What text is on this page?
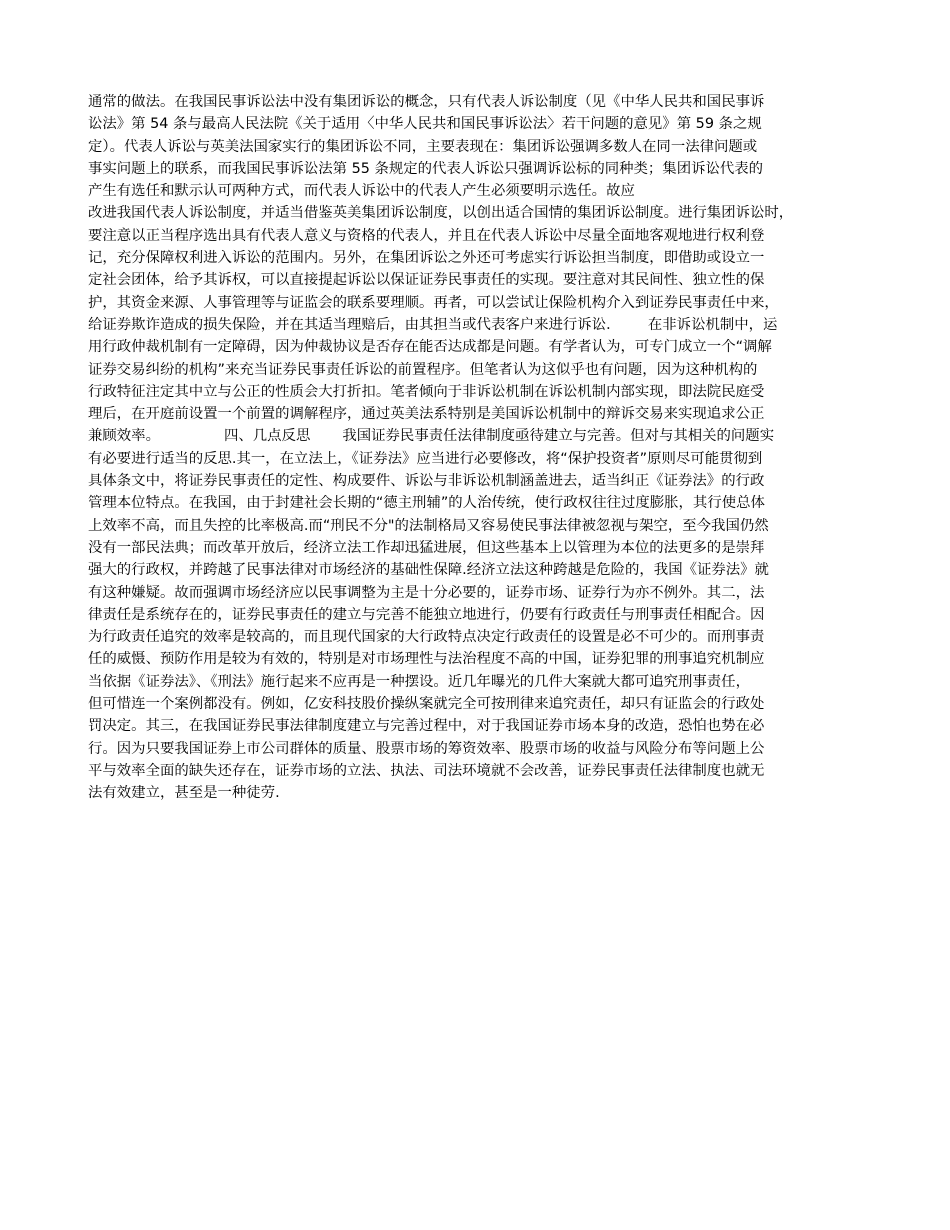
通常的做法。在我国民事诉讼法中没有集团诉讼的概念，只有代表人诉讼制度（见《中华人民共和国民事诉
讼法》第 54 条与最高人民法院《关于适用〈中华人民共和国民事诉讼法〉若干问题的意见》第 59 条之规
定）。代表人诉讼与英美法国家实行的集团诉讼不同，主要表现在：集团诉讼强调多数人在同一法律问题或
事实问题上的联系，而我国民事诉讼法第 55 条规定的代表人诉讼只强调诉讼标的同种类；集团诉讼代表的
产生有选任和默示认可两种方式，而代表人诉讼中的代表人产生必须要明示选任。故应
改进我国代表人诉讼制度，并适当借鉴英美集团诉讼制度，以创出适合国情的集团诉讼制度。进行集团诉讼时，
要注意以正当程序选出具有代表人意义与资格的代表人，并且在代表人诉讼中尽量全面地客观地进行权利登
记，充分保障权利进入诉讼的范围内。另外，在集团诉讼之外还可考虑实行诉讼担当制度，即借助或设立一
定社会团体，给予其诉权，可以直接提起诉讼以保证证券民事责任的实现。要注意对其民间性、独立性的保
护，其资金来源、人事管理等与证监会的联系要理顺。再者，可以尝试让保险机构介入到证券民事责任中来，
给证券欺诈造成的损失保险，并在其适当理赔后，由其担当或代表客户来进行诉讼．      在非诉讼机制中，运
用行政仲裁机制有一定障碍，因为仲裁协议是否存在能否达成都是问题。有学者认为，可专门成立一个“调解
证券交易纠纷的机构”来充当证券民事责任诉讼的前置程序。但笔者认为这似乎也有问题，因为这种机构的
行政特征注定其中立与公正的性质会大打折扣。笔者倾向于非诉讼机制在诉讼机制内部实现，即法院民庭受
理后，在开庭前设置一个前置的调解程序，通过英美法系特别是美国诉讼机制中的辩诉交易来实现追求公正
兼顾效率。              四、几点反思       我国证券民事责任法律制度亟待建立与完善。但对与其相关的问题实
有必要进行适当的反思.其一，在立法上，《证券法》应当进行必要修改，将“保护投资者”原则尽可能贯彻到
具体条文中，将证券民事责任的定性、构成要件、诉讼与非诉讼机制涵盖进去，适当纠正《证券法》的行政
管理本位特点。在我国，由于封建社会长期的“德主刑辅”的人治传统，使行政权往往过度膨胀，其行使总体
上效率不高，而且失控的比率极高.而“刑民不分"的法制格局又容易使民事法律被忽视与架空，至今我国仍然
没有一部民法典；而改革开放后，经济立法工作却迅猛进展，但这些基本上以管理为本位的法更多的是崇拜
强大的行政权，并跨越了民事法律对市场经济的基础性保障.经济立法这种跨越是危险的，我国《证券法》就
有这种嫌疑。故而强调市场经济应以民事调整为主是十分必要的，证券市场、证券行为亦不例外。其二，法
律责任是系统存在的，证券民事责任的建立与完善不能独立地进行，仍要有行政责任与刑事责任相配合。因
为行政责任追究的效率是较高的，而且现代国家的大行政特点决定行政责任的设置是必不可少的。而刑事责
任的威慑、预防作用是较为有效的，特别是对市场理性与法治程度不高的中国，证券犯罪的刑事追究机制应
当依据《证券法》、《刑法》施行起来不应再是一种摆设。近几年曝光的几件大案就大都可追究刑事责任，
但可惜连一个案例都没有。例如，亿安科技股价操纵案就完全可按刑律来追究责任，却只有证监会的行政处
罚决定。其三，在我国证券民事法律制度建立与完善过程中，对于我国证券市场本身的改造，恐怕也势在必
行。因为只要我国证券上市公司群体的质量、股票市场的筹资效率、股票市场的收益与风险分布等问题上公
平与效率全面的缺失还存在，证券市场的立法、执法、司法环境就不会改善，证券民事责任法律制度也就无
法有效建立，甚至是一种徒劳.
